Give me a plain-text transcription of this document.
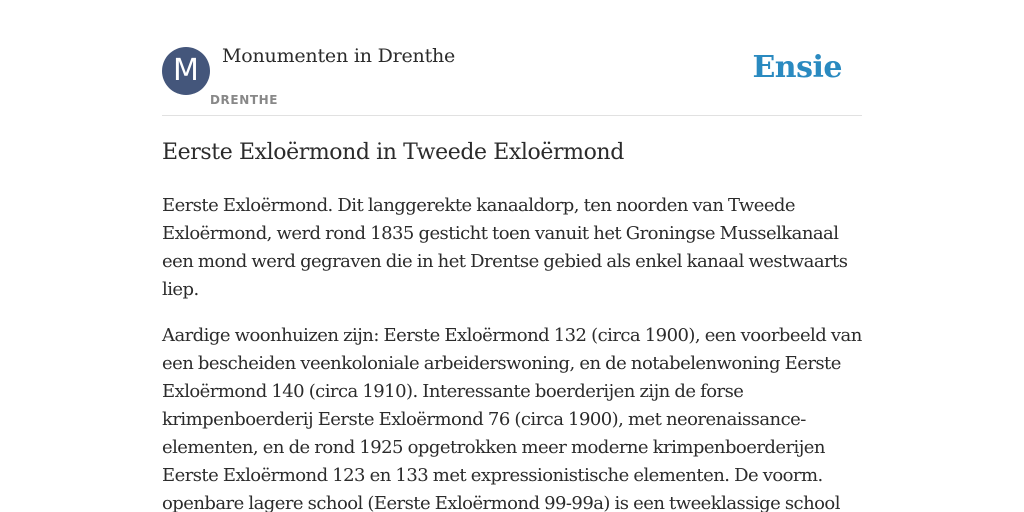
M	Monumenten in Drenthe
DRENTHE
Ensie
Eerste Exloërmond in Tweede Exloërmond

Eerste Exloërmond. Dit langgerekte kanaaldorp, ten noorden van Tweede Exloërmond, werd rond 1835 gesticht toen vanuit het Groningse Musselkanaal een mond werd gegraven die in het Drentse gebied als enkel kanaal westwaarts liep.

Aardige woonhuizen zijn: Eerste Exloërmond 132 (circa 1900), een voorbeeld van een bescheiden veenkoloniale arbeiderswoning, en de notabelenwoning Eerste Exloërmond 140 (circa 1910). Interessante boerderijen zijn de forse krimpenboerderij Eerste Exloërmond 76 (circa 1900), met neorenaissance-elementen, en de rond 1925 opgetrokken meer moderne krimpenboerderijen Eerste Exloërmond 123 en 133 met expressionistische elementen. De voorm. openbare lagere school (Eerste Exloërmond 99-99a) is een tweeklassige school
